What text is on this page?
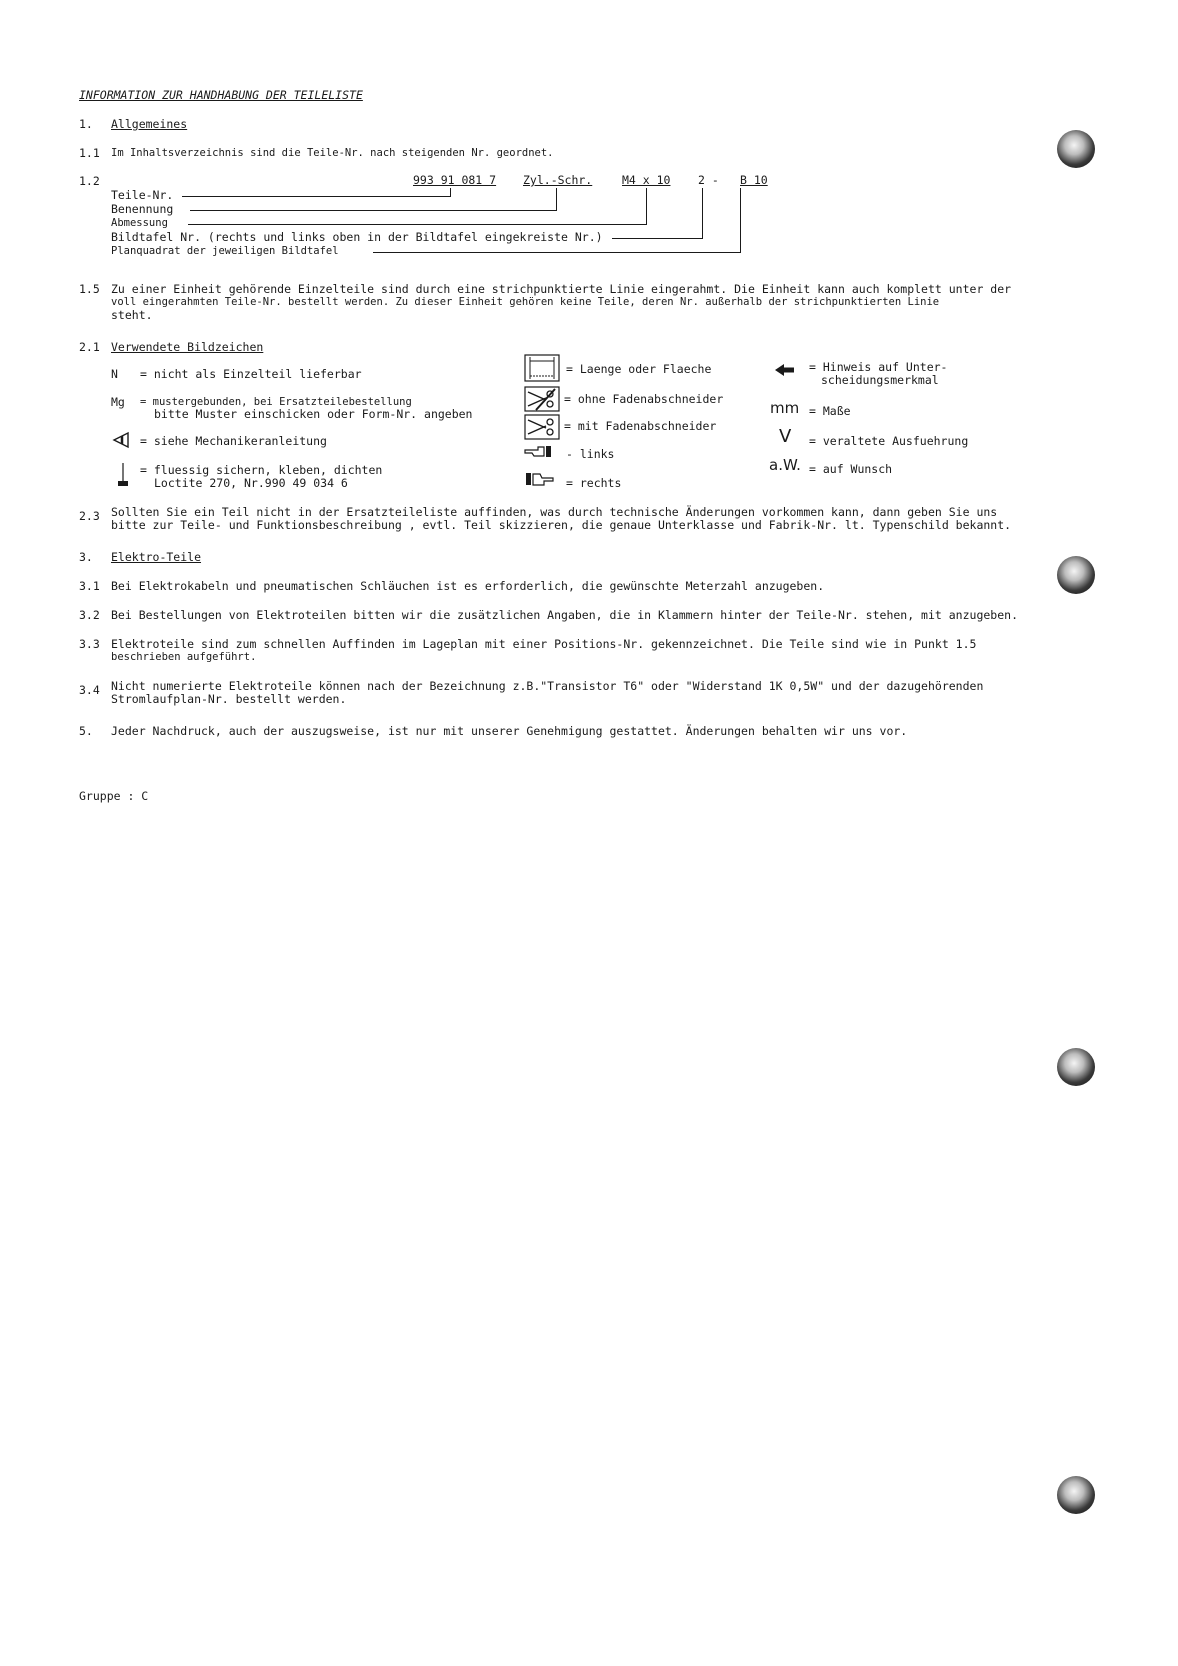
INFORMATION ZUR HANDHABUNG DER TEILELISTE
1. Allgemeines
1.1 Im Inhaltsverzeichnis sind die Teile-Nr. nach steigenden Nr. geordnet.
1.2	993 91 081 7 Zyl.-Schr.	M4 x 10 2 - B 10
Teile-Nr.
Benennung
Abmessung
Bildtafel Nr. (rechts und links oben in der Bildtafel eingekreiste Nr.)
Planquadrat der jeweiligen Bildtafel
1.5 Zu einer Einheit gehörende Einzelteile sind durch eine strichpunktierte Linie eingerahmt. Die Einheit kann auch komplett unter der
voll eingerahmten Teile-Nr. bestellt werden. Zu dieser Einheit gehören keine Teile, deren Nr. außerhalb der strichpunktierten Linie
steht.
2.1 Verwendete Bildzeichen
N = nicht als Einzelteil lieferbar
Mg = mustergebunden, bei Ersatzteilebestellung
bitte Muster einschicken oder Form-Nr. angeben
= siehe Mechanikeranleitung
= fluessig sichern, kleben, dichten
Loctite 270, Nr.990 49 034 6
= Laenge oder Flaeche
= ohne Fadenabschneider
= mit Fadenabschneider
- links
= rechts
= Hinweis auf Unter-
scheidungsmerkmal
mm = Maße
V = veraltete Ausfuehrung
a.W. = auf Wunsch
2.3 Sollten Sie ein Teil nicht in der Ersatzteileliste auffinden, was durch technische Änderungen vorkommen kann, dann geben Sie uns
bitte zur Teile- und Funktionsbeschreibung , evtl. Teil skizzieren, die genaue Unterklasse und Fabrik-Nr. lt. Typenschild bekannt.
3. Elektro-Teile
3.1 Bei Elektrokabeln und pneumatischen Schläuchen ist es erforderlich, die gewünschte Meterzahl anzugeben.
3.2 Bei Bestellungen von Elektroteilen bitten wir die zusätzlichen Angaben, die in Klammern hinter der Teile-Nr. stehen, mit anzugeben.
3.3 Elektroteile sind zum schnellen Auffinden im Lageplan mit einer Positions-Nr. gekennzeichnet. Die Teile sind wie in Punkt 1.5
beschrieben aufgeführt.
3.4 Nicht numerierte Elektroteile können nach der Bezeichnung z.B."Transistor T6" oder "Widerstand 1K 0,5W" und der dazugehörenden
Stromlaufplan-Nr. bestellt werden.
5. Jeder Nachdruck, auch der auszugsweise, ist nur mit unserer Genehmigung gestattet. Änderungen behalten wir uns vor.
Gruppe : C
